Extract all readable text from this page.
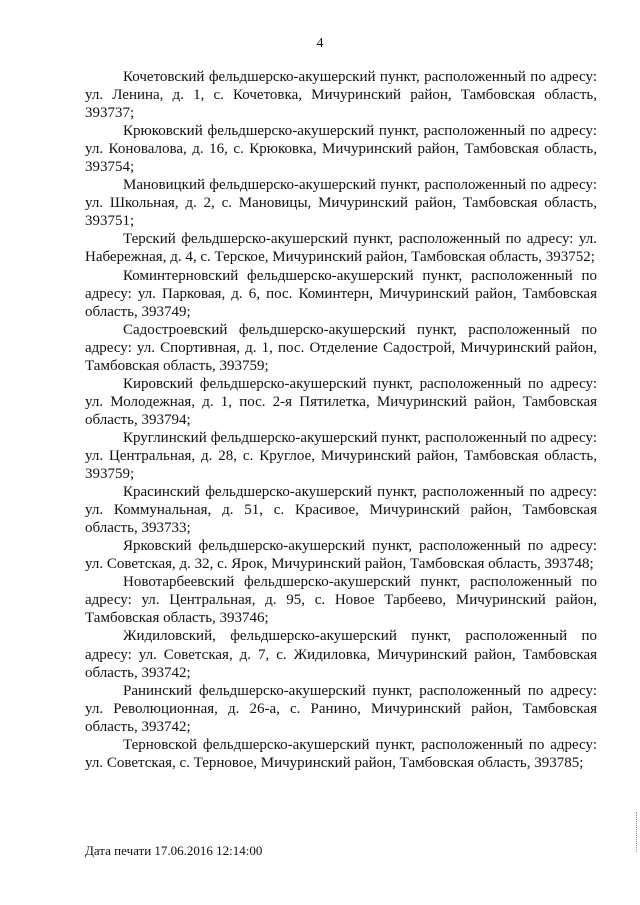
4

Кочетовский фельдшерско-акушерский пункт, расположенный по адресу: ул. Ленина, д. 1, с. Кочетовка, Мичуринский район, Тамбовская область, 393737;

Крюковский фельдшерско-акушерский пункт, расположенный по адресу: ул. Коновалова, д. 16, с. Крюковка, Мичуринский район, Тамбовская область, 393754;

Мановицкий фельдшерско-акушерский пункт, расположенный по адресу: ул. Школьная, д. 2, с. Мановицы, Мичуринский район, Тамбовская область, 393751;

Терский фельдшерско-акушерский пункт, расположенный по адресу: ул. Набережная, д. 4, с. Терское, Мичуринский район, Тамбовская область, 393752;

Коминтерновский фельдшерско-акушерский пункт, расположенный по адресу: ул. Парковая, д. 6, пос. Коминтерн, Мичуринский район, Тамбовская область, 393749;

Садостроевский фельдшерско-акушерский пункт, расположенный по адресу: ул. Спортивная, д. 1, пос. Отделение Садострой, Мичуринский район, Тамбовская область, 393759;

Кировский фельдшерско-акушерский пункт, расположенный по адресу: ул. Молодежная, д. 1, пос. 2-я Пятилетка, Мичуринский район, Тамбовская область, 393794;

Круглинский фельдшерско-акушерский пункт, расположенный по адресу: ул. Центральная, д. 28, с. Круглое, Мичуринский район, Тамбовская область, 393759;

Красинский фельдшерско-акушерский пункт, расположенный по адресу: ул. Коммунальная, д. 51, с. Красивое, Мичуринский район, Тамбовская область, 393733;

Ярковский фельдшерско-акушерский пункт, расположенный по адресу: ул. Советская, д. 32, с. Ярок, Мичуринский район, Тамбовская область, 393748;

Новотарбеевский фельдшерско-акушерский пункт, расположенный по адресу: ул. Центральная, д. 95, с. Новое Тарбеево, Мичуринский район, Тамбовская область, 393746;

Жидиловский, фельдшерско-акушерский пункт, расположенный по адресу: ул. Советская, д. 7, с. Жидиловка, Мичуринский район, Тамбовская область, 393742;

Ранинский фельдшерско-акушерский пункт, расположенный по адресу: ул. Революционная, д. 26-а, с. Ранино, Мичуринский район, Тамбовская область, 393742;

Терновской фельдшерско-акушерский пункт, расположенный по адресу: ул. Советская, с. Терновое, Мичуринский район, Тамбовская область, 393785;

Дата печати 17.06.2016 12:14:00
